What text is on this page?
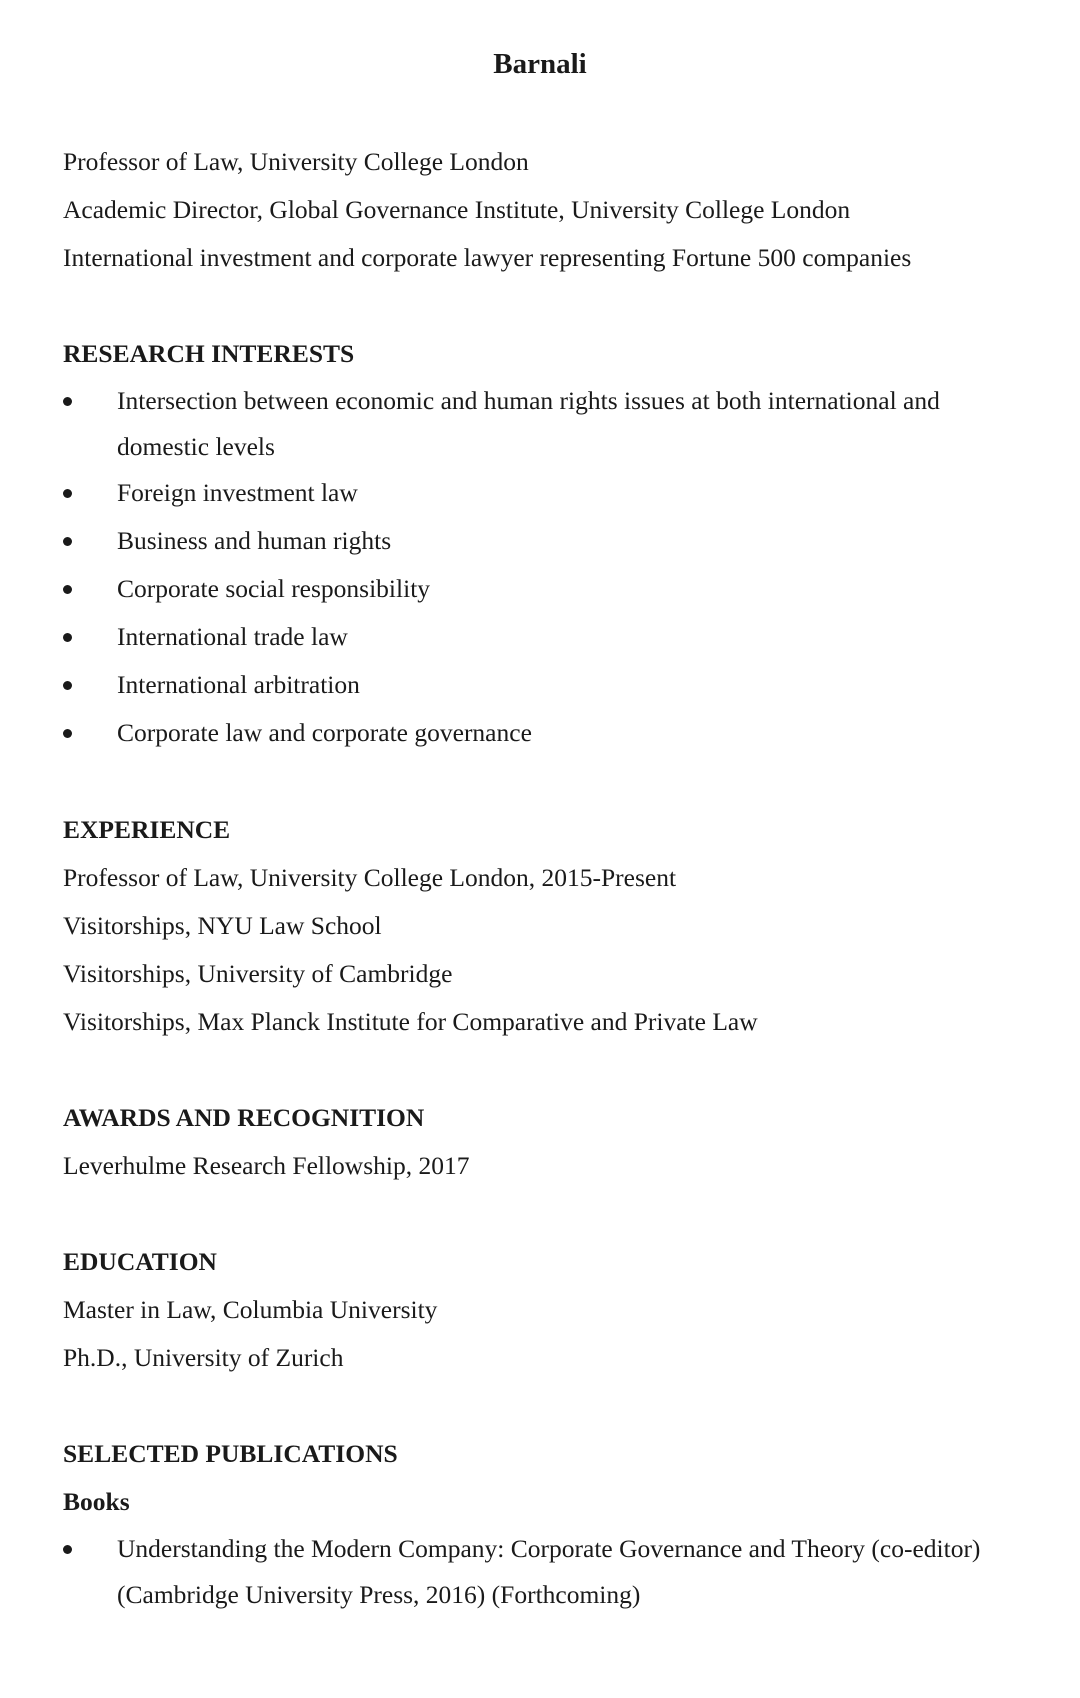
Barnali
Professor of Law, University College London
Academic Director, Global Governance Institute, University College London
International investment and corporate lawyer representing Fortune 500 companies
RESEARCH INTERESTS
Intersection between economic and human rights issues at both international and domestic levels
Foreign investment law
Business and human rights
Corporate social responsibility
International trade law
International arbitration
Corporate law and corporate governance
EXPERIENCE
Professor of Law, University College London, 2015-Present
Visitorships, NYU Law School
Visitorships, University of Cambridge
Visitorships, Max Planck Institute for Comparative and Private Law
AWARDS AND RECOGNITION
Leverhulme Research Fellowship, 2017
EDUCATION
Master in Law, Columbia University
Ph.D., University of Zurich
SELECTED PUBLICATIONS
Books
Understanding the Modern Company: Corporate Governance and Theory (co-editor) (Cambridge University Press, 2016) (Forthcoming)
